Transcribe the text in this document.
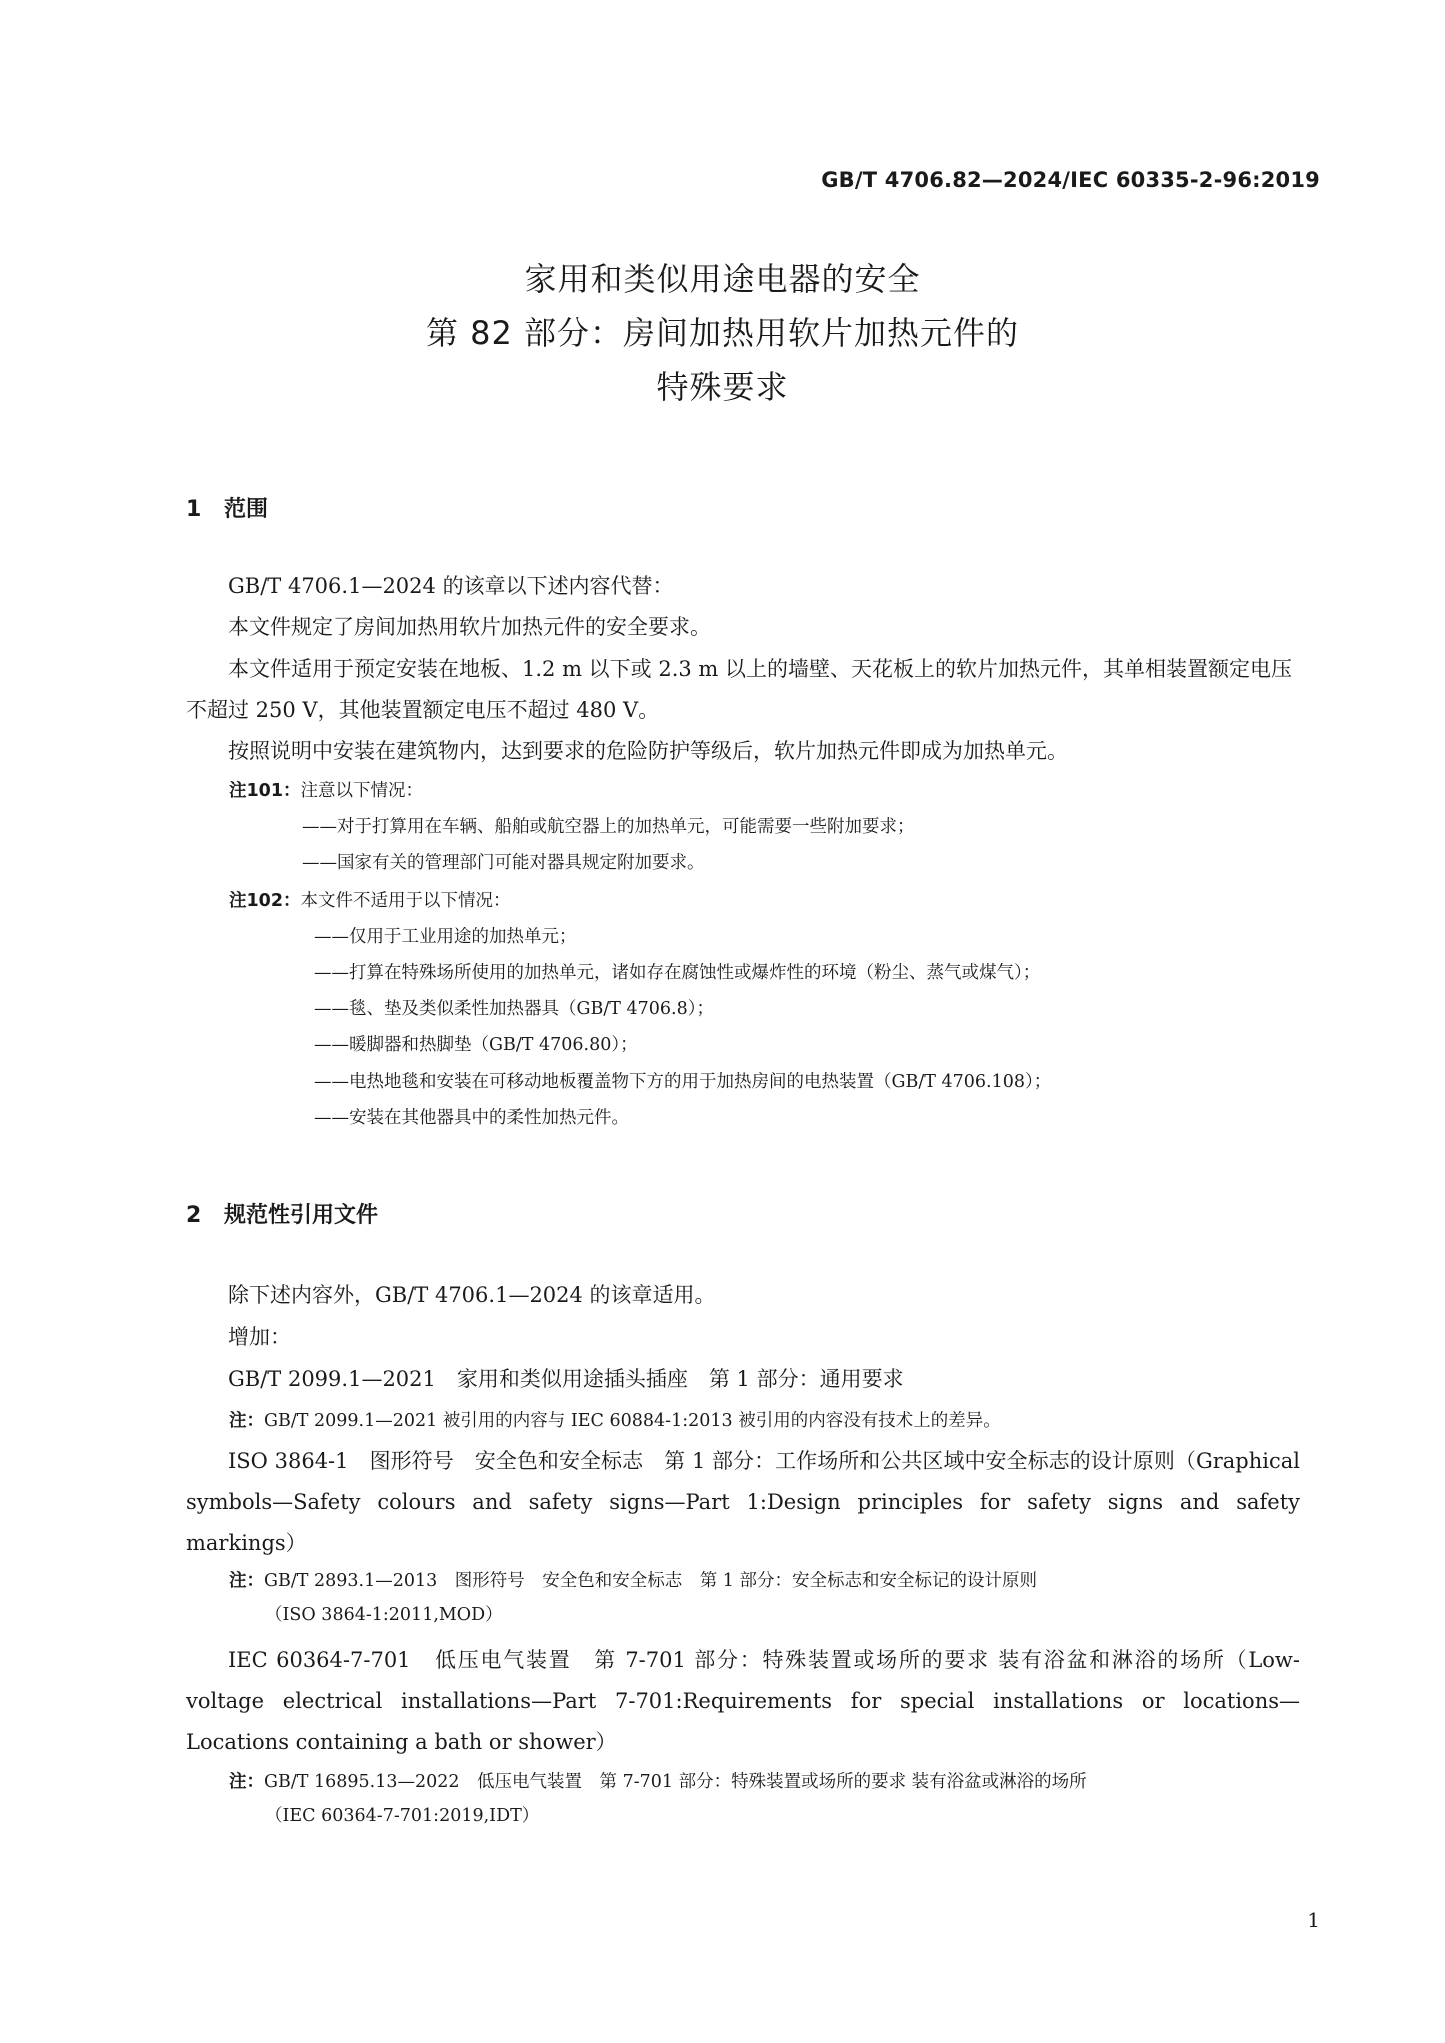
GB/T 4706.82—2024/IEC 60335-2-96:2019
家用和类似用途电器的安全
第 82 部分：房间加热用软片加热元件的
特殊要求
1 范围
GB/T 4706.1—2024 的该章以下述内容代替：
本文件规定了房间加热用软片加热元件的安全要求。
本文件适用于预定安装在地板、1.2 m 以下或 2.3 m 以上的墙壁、天花板上的软片加热元件，其单相装置额定电压不超过 250 V，其他装置额定电压不超过 480 V。
按照说明中安装在建筑物内，达到要求的危险防护等级后，软片加热元件即成为加热单元。
注101：注意以下情况：
——对于打算用在车辆、船舶或航空器上的加热单元，可能需要一些附加要求；
——国家有关的管理部门可能对器具规定附加要求。
注102：本文件不适用于以下情况：
——仅用于工业用途的加热单元；
——打算在特殊场所使用的加热单元，诸如存在腐蚀性或爆炸性的环境（粉尘、蒸气或煤气）；
——毯、垫及类似柔性加热器具（GB/T 4706.8）；
——暖脚器和热脚垫（GB/T 4706.80）；
——电热地毯和安装在可移动地板覆盖物下方的用于加热房间的电热装置（GB/T 4706.108）；
——安装在其他器具中的柔性加热元件。
2 规范性引用文件
除下述内容外，GB/T 4706.1—2024 的该章适用。
增加：
GB/T 2099.1—2021　家用和类似用途插头插座　第 1 部分：通用要求
注：GB/T 2099.1—2021 被引用的内容与 IEC 60884-1:2013 被引用的内容没有技术上的差异。
ISO 3864-1　图形符号　安全色和安全标志　第 1 部分：工作场所和公共区域中安全标志的设计原则（Graphical symbols—Safety colours and safety signs—Part 1:Design principles for safety signs and safety markings）
注：GB/T 2893.1—2013　图形符号　安全色和安全标志　第 1 部分：安全标志和安全标记的设计原则
（ISO 3864-1:2011,MOD）
IEC 60364-7-701　低压电气装置　第 7-701 部分：特殊装置或场所的要求 装有浴盆和淋浴的场所（Low-voltage electrical installations—Part 7-701:Requirements for special installations or locations—Locations containing a bath or shower）
注：GB/T 16895.13—2022　低压电气装置　第 7-701 部分：特殊装置或场所的要求 装有浴盆或淋浴的场所
（IEC 60364-7-701:2019,IDT）
1
